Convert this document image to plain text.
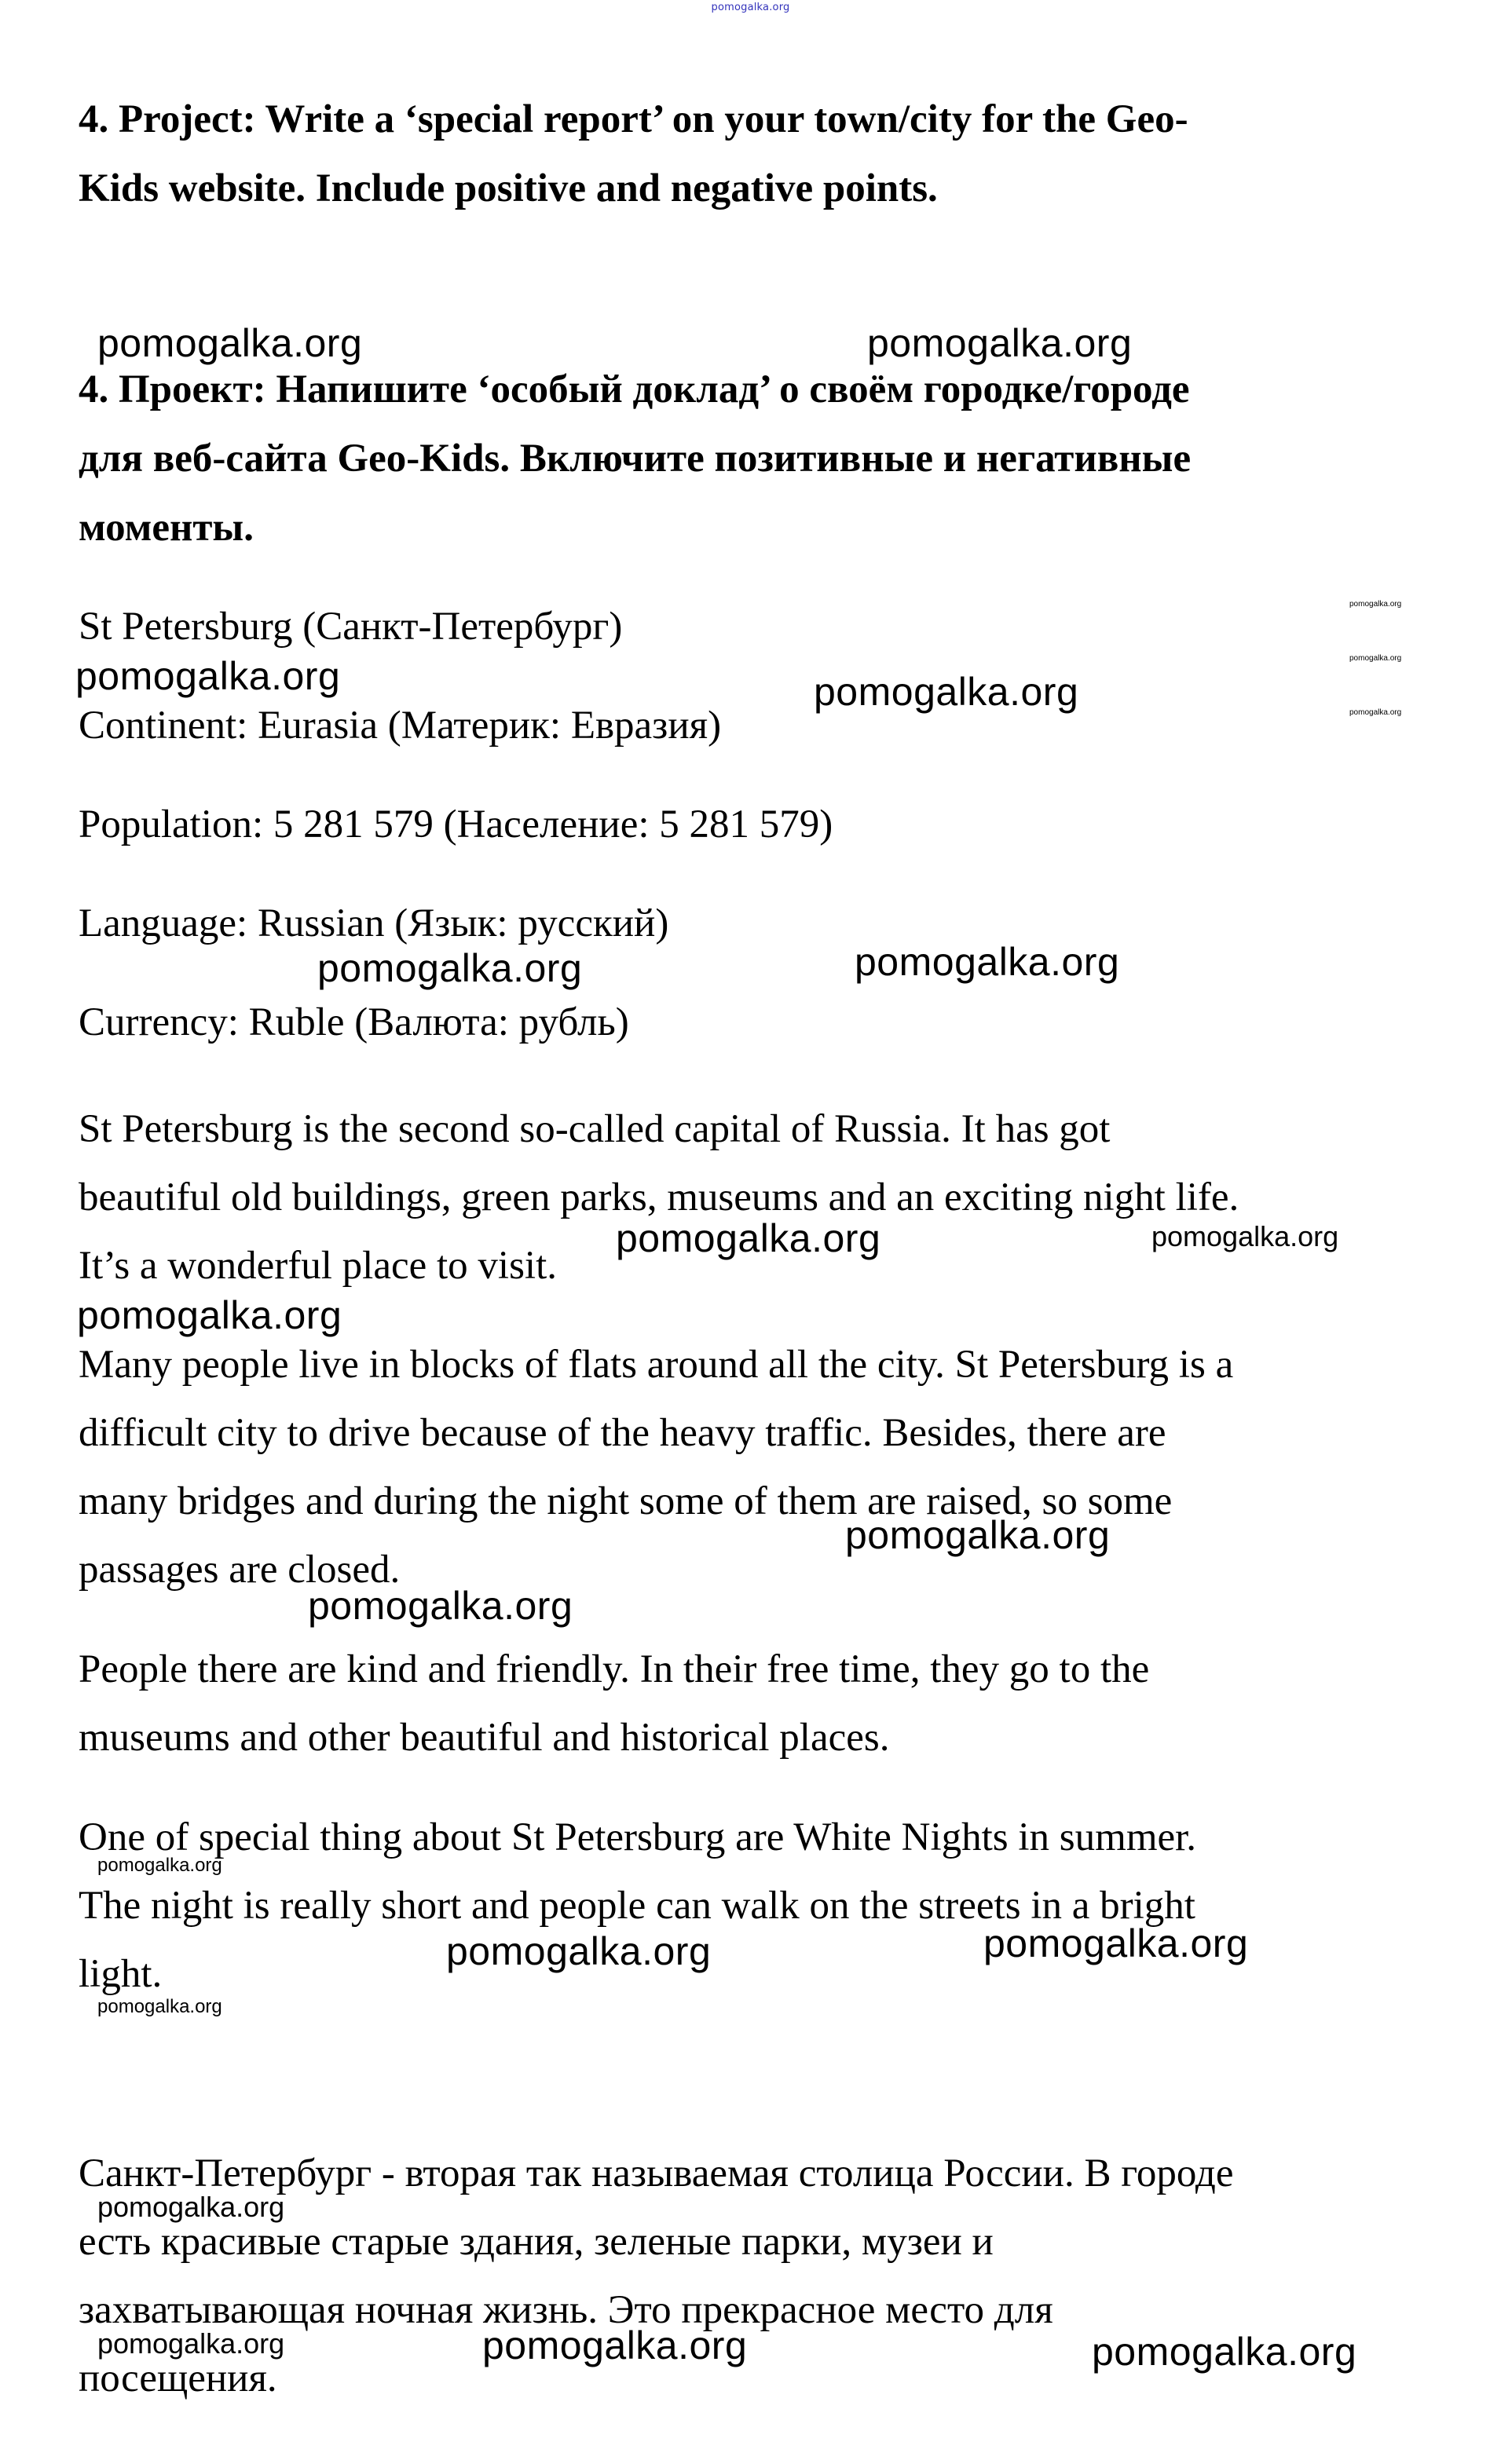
pomogalka.org
4. Project: Write a ‘special report’ on your town/city for the Geo-
Kids website. Include positive and negative points.
4. Проект: Напишите ‘особый доклад’ о своём городке/городе
для веб-сайта Geo-Kids. Включите позитивные и негативные
моменты.
St Petersburg (Санкт-Петербург)
Continent: Eurasia (Материк: Евразия)
Population: 5 281 579 (Население: 5 281 579)
Language: Russian (Язык: русский)
Currency: Ruble (Валюта: рубль)
St Petersburg is the second so-called capital of Russia. It has got
beautiful old buildings, green parks, museums and an exciting night life.
It’s a wonderful place to visit.
Many people live in blocks of flats around all the city. St Petersburg is a
difficult city to drive because of the heavy traffic. Besides, there are
many bridges and during the night some of them are raised, so some
passages are closed.
People there are kind and friendly. In their free time, they go to the
museums and other beautiful and historical places.
One of special thing about St Petersburg are White Nights in summer.
The night is really short and people can walk on the streets in a bright
light.
Санкт-Петербург - вторая так называемая столица России. В городе
есть красивые старые здания, зеленые парки, музеи и
захватывающая ночная жизнь. Это прекрасное место для
посещения.
pomogalka.org	pomogalka.org
pomogalka.org
pomogalka.org
pomogalka.org
pomogalka.org	pomogalka.org
pomogalka.org	pomogalka.org
pomogalka.org	pomogalka.org
pomogalka.org
pomogalka.org
pomogalka.org
pomogalka.org
pomogalka.org	pomogalka.org
pomogalka.org
pomogalka.org
pomogalka.org	pomogalka.org	pomogalka.org
